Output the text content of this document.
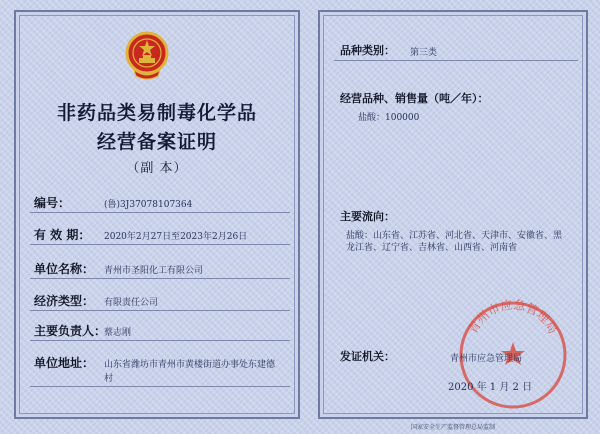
非药品类易制毒化学品
经营备案证明
（副 本）
编号：	(鲁)3J37078107364
有 效 期： 2020年2月27日至2023年2月26日
单位名称： 青州市圣阳化工有限公司
经济类型： 有限责任公司
主要负责人：
蔡志刚
单位地址： 山东省潍坊市青州市黄楼街道办事处东建德
村
品种类别： 第三类
经营品种、销售量（吨／年）：
盐酸：100000
主要流向：
盐酸：山东省、江苏省、河北省、天津市、安徽省、黑
龙江省、辽宁省、吉林省、山西省、河南省
青州市应急管理局
发证机关：	青州市应急管理局
2020 年 1 月 2 日
国家安全生产监督管理总局监制
